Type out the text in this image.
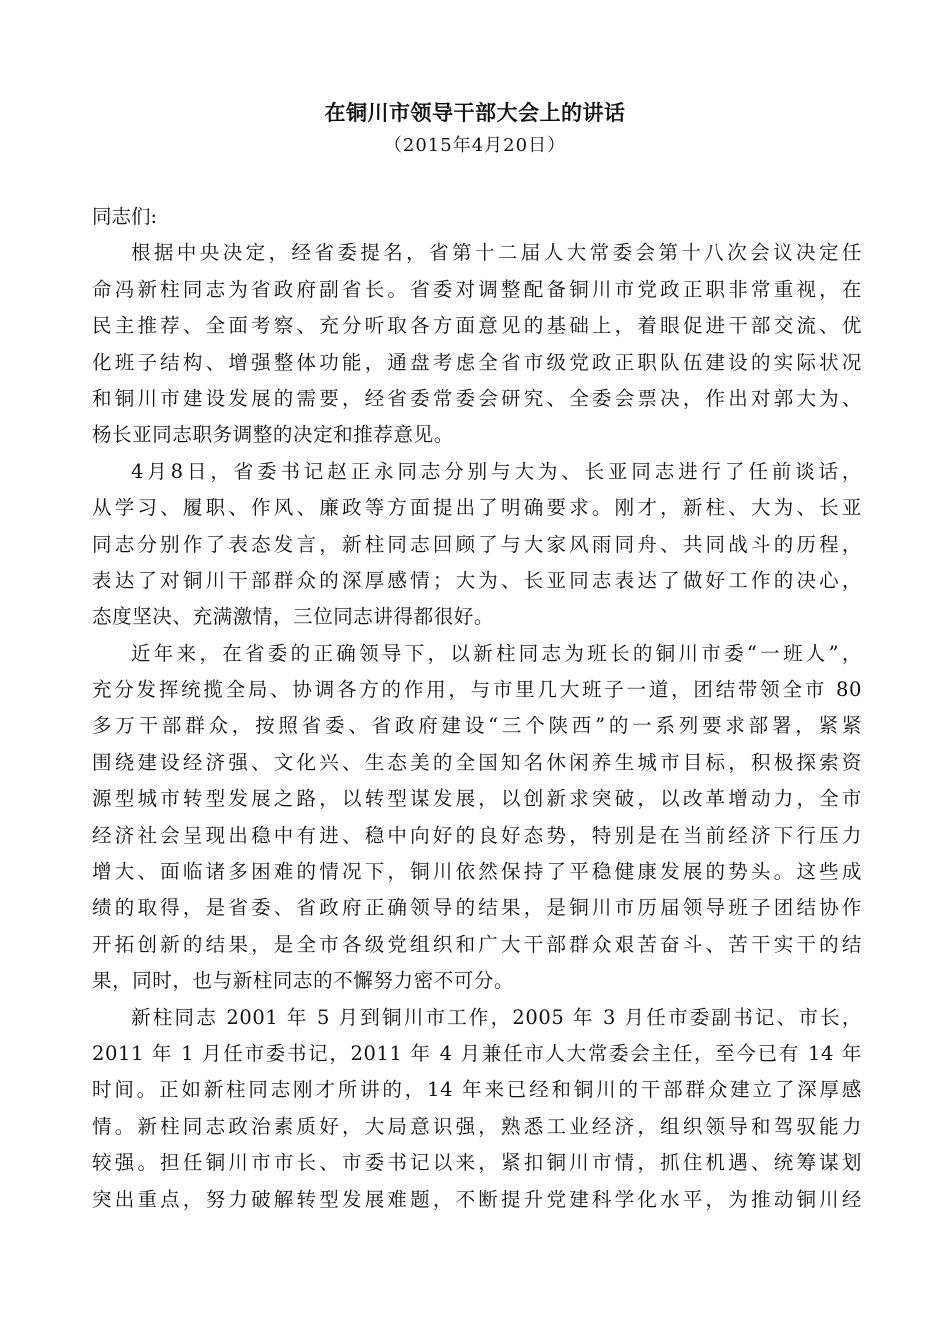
在铜川市领导干部大会上的讲话
（2015年4月20日）
同志们:
根据中央决定，经省委提名，省第十二届人大常委会第十八次会议决定任
命冯新柱同志为省政府副省长。省委对调整配备铜川市党政正职非常重视，在
民主推荐、全面考察、充分听取各方面意见的基础上，着眼促进干部交流、优
化班子结构、增强整体功能，通盘考虑全省市级党政正职队伍建设的实际状况
和铜川市建设发展的需要，经省委常委会研究、全委会票决，作出对郭大为、
杨长亚同志职务调整的决定和推荐意见。
4月8日，省委书记赵正永同志分别与大为、长亚同志进行了任前谈话，
从学习、履职、作风、廉政等方面提出了明确要求。刚才，新柱、大为、长亚
同志分别作了表态发言，新柱同志回顾了与大家风雨同舟、共同战斗的历程，
表达了对铜川干部群众的深厚感情；大为、长亚同志表达了做好工作的决心，
态度坚决、充满激情，三位同志讲得都很好。
近年来，在省委的正确领导下，以新柱同志为班长的铜川市委“一班人”，
充分发挥统揽全局、协调各方的作用，与市里几大班子一道，团结带领全市 80
多万干部群众，按照省委、省政府建设“三个陕西”的一系列要求部署，紧紧
围绕建设经济强、文化兴、生态美的全国知名休闲养生城市目标，积极探索资
源型城市转型发展之路，以转型谋发展，以创新求突破，以改革增动力，全市
经济社会呈现出稳中有进、稳中向好的良好态势，特别是在当前经济下行压力
增大、面临诸多困难的情况下，铜川依然保持了平稳健康发展的势头。这些成
绩的取得，是省委、省政府正确领导的结果，是铜川市历届领导班子团结协作
开拓创新的结果，是全市各级党组织和广大干部群众艰苦奋斗、苦干实干的结
果，同时，也与新柱同志的不懈努力密不可分。
新柱同志 2001 年 5 月到铜川市工作，2005 年 3 月任市委副书记、市长，
2011 年 1 月任市委书记，2011 年 4 月兼任市人大常委会主任，至今已有 14 年
时间。正如新柱同志刚才所讲的，14 年来已经和铜川的干部群众建立了深厚感
情。新柱同志政治素质好，大局意识强，熟悉工业经济，组织领导和驾驭能力
较强。担任铜川市市长、市委书记以来，紧扣铜川市情，抓住机遇、统筹谋划
突出重点，努力破解转型发展难题，不断提升党建科学化水平，为推动铜川经
